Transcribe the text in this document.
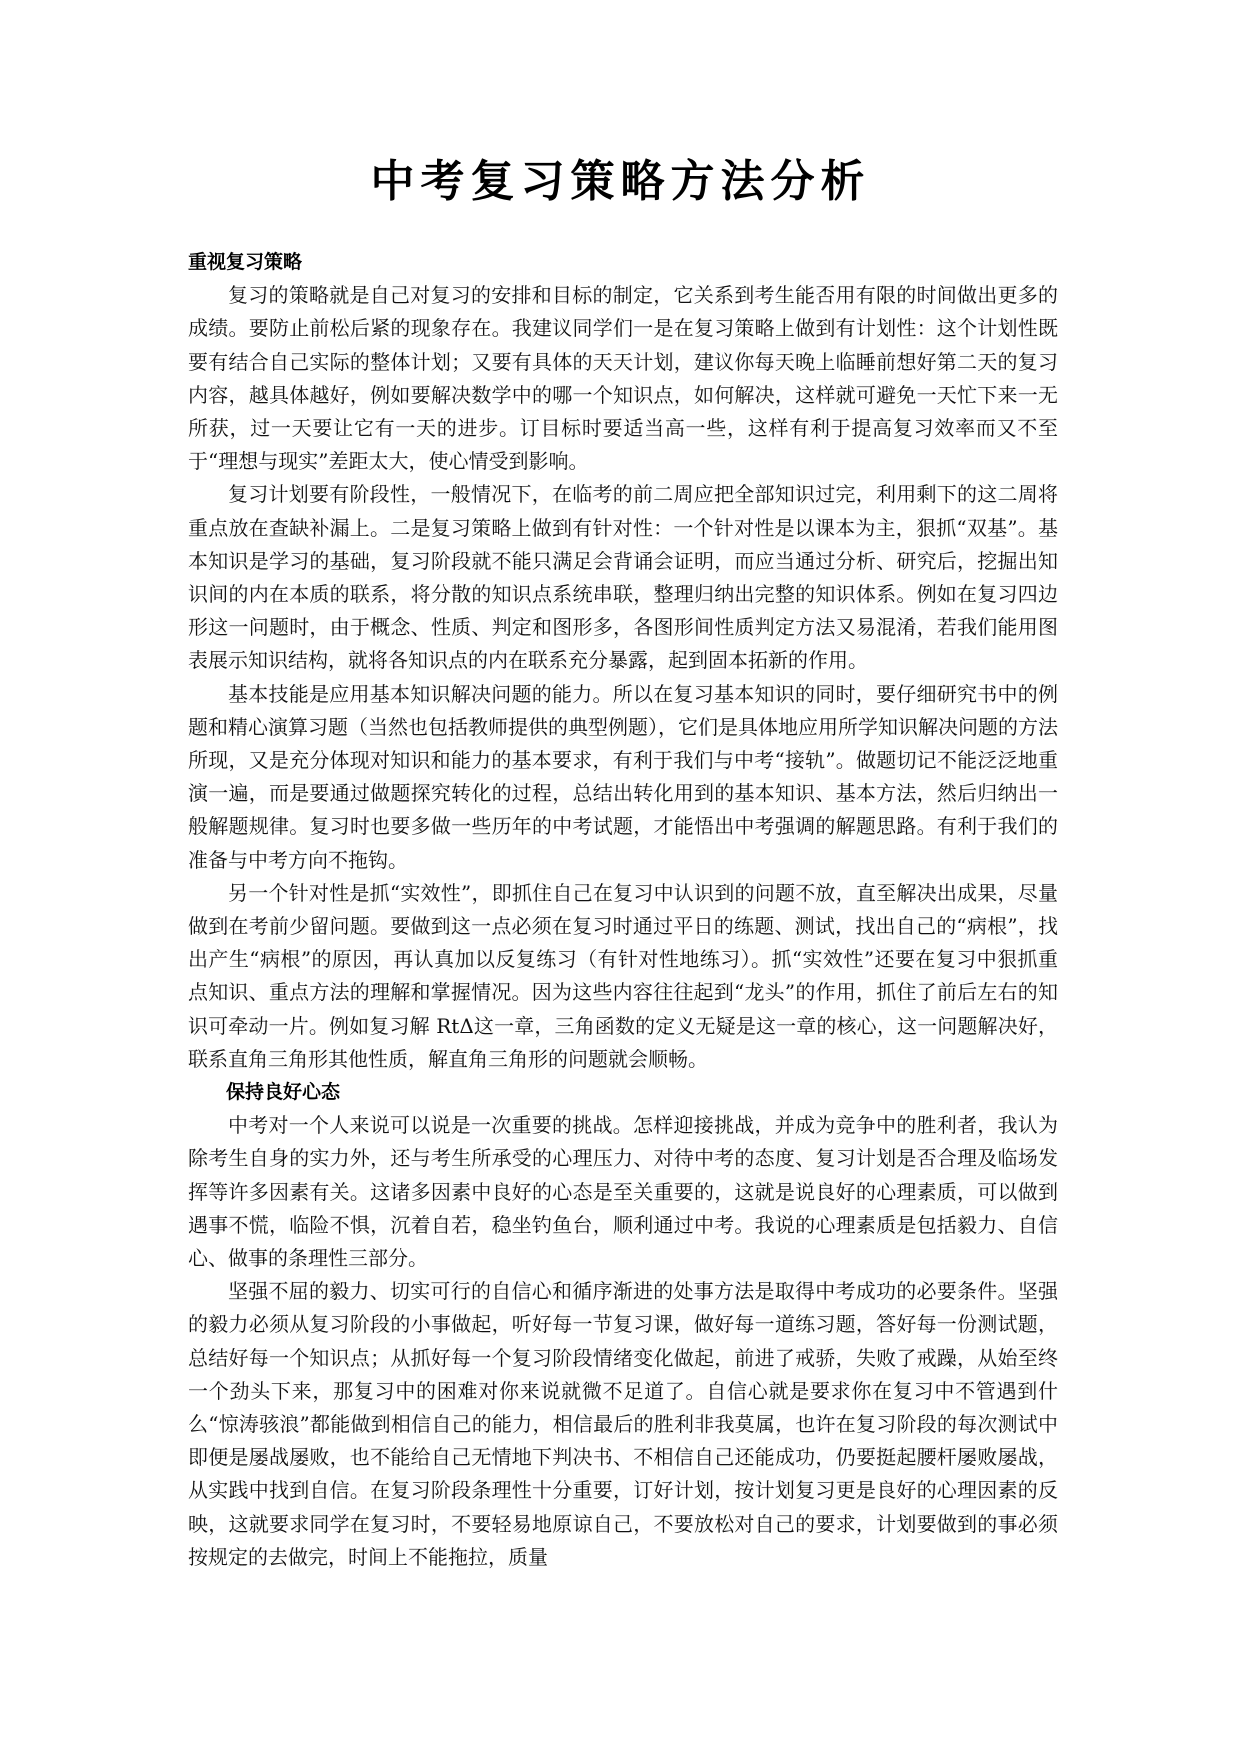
中考复习策略方法分析
重视复习策略

复习的策略就是自己对复习的安排和目标的制定，它关系到考生能否用有限的时间做出更多的成绩。要防止前松后紧的现象存在。我建议同学们一是在复习策略上做到有计划性：这个计划性既要有结合自己实际的整体计划；又要有具体的天天计划，建议你每天晚上临睡前想好第二天的复习内容，越具体越好，例如要解决数学中的哪一个知识点，如何解决，这样就可避免一天忙下来一无所获，过一天要让它有一天的进步。订目标时要适当高一些，这样有利于提高复习效率而又不至于“理想与现实”差距太大，使心情受到影响。

复习计划要有阶段性，一般情况下，在临考的前二周应把全部知识过完，利用剩下的这二周将重点放在查缺补漏上。二是复习策略上做到有针对性：一个针对性是以课本为主，狠抓“双基”。基本知识是学习的基础，复习阶段就不能只满足会背诵会证明，而应当通过分析、研究后，挖掘出知识间的内在本质的联系，将分散的知识点系统串联，整理归纳出完整的知识体系。例如在复习四边形这一问题时，由于概念、性质、判定和图形多，各图形间性质判定方法又易混淆，若我们能用图表展示知识结构，就将各知识点的内在联系充分暴露，起到固本拓新的作用。

基本技能是应用基本知识解决问题的能力。所以在复习基本知识的同时，要仔细研究书中的例题和精心演算习题（当然也包括教师提供的典型例题），它们是具体地应用所学知识解决问题的方法所现，又是充分体现对知识和能力的基本要求，有利于我们与中考“接轨”。做题切记不能泛泛地重演一遍，而是要通过做题探究转化的过程，总结出转化用到的基本知识、基本方法，然后归纳出一般解题规律。复习时也要多做一些历年的中考试题，才能悟出中考强调的解题思路。有利于我们的准备与中考方向不拖钩。

另一个针对性是抓“实效性”，即抓住自己在复习中认识到的问题不放，直至解决出成果，尽量做到在考前少留问题。要做到这一点必须在复习时通过平日的练题、测试，找出自己的“病根”，找出产生“病根”的原因，再认真加以反复练习（有针对性地练习）。抓“实效性”还要在复习中狠抓重点知识、重点方法的理解和掌握情况。因为这些内容往往起到“龙头”的作用，抓住了前后左右的知识可牵动一片。例如复习解 RtΔ这一章，三角函数的定义无疑是这一章的核心，这一问题解决好，联系直角三角形其他性质，解直角三角形的问题就会顺畅。

保持良好心态

中考对一个人来说可以说是一次重要的挑战。怎样迎接挑战，并成为竞争中的胜利者，我认为除考生自身的实力外，还与考生所承受的心理压力、对待中考的态度、复习计划是否合理及临场发挥等许多因素有关。这诸多因素中良好的心态是至关重要的，这就是说良好的心理素质，可以做到遇事不慌，临险不惧，沉着自若，稳坐钓鱼台，顺利通过中考。我说的心理素质是包括毅力、自信心、做事的条理性三部分。

坚强不屈的毅力、切实可行的自信心和循序渐进的处事方法是取得中考成功的必要条件。坚强的毅力必须从复习阶段的小事做起，听好每一节复习课，做好每一道练习题，答好每一份测试题，总结好每一个知识点；从抓好每一个复习阶段情绪变化做起，前进了戒骄，失败了戒躁，从始至终一个劲头下来，那复习中的困难对你来说就微不足道了。自信心就是要求你在复习中不管遇到什么“惊涛骇浪”都能做到相信自己的能力，相信最后的胜利非我莫属，也许在复习阶段的每次测试中即便是屡战屡败，也不能给自己无情地下判决书、不相信自己还能成功，仍要挺起腰杆屡败屡战，从实践中找到自信。在复习阶段条理性十分重要，订好计划，按计划复习更是良好的心理因素的反映，这就要求同学在复习时，不要轻易地原谅自己，不要放松对自己的要求，计划要做到的事必须按规定的去做完，时间上不能拖拉，质量
